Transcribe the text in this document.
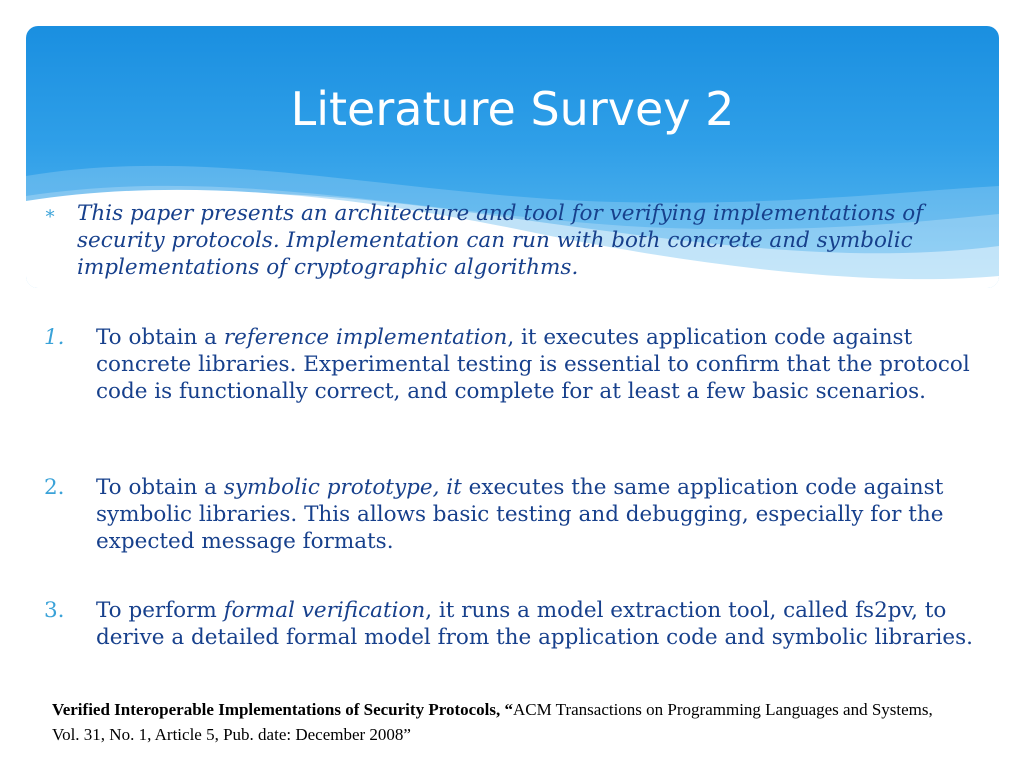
Literature Survey 2
∗ This paper presents an architecture and tool for verifying implementations of security protocols. Implementation can run with both concrete and symbolic implementations of cryptographic algorithms.
1. To obtain a reference implementation, it executes application code against concrete libraries. Experimental testing is essential to confirm that the protocol code is functionally correct, and complete for at least a few basic scenarios.
2. To obtain a symbolic prototype, it executes the same application code against symbolic libraries. This allows basic testing and debugging, especially for the expected message formats.
3. To perform formal verification, it runs a model extraction tool, called fs2pv, to derive a detailed formal model from the application code and symbolic libraries.
Verified Interoperable Implementations of Security Protocols, “ACM Transactions on Programming Languages and Systems, Vol. 31, No. 1, Article 5, Pub. date: December 2008”
